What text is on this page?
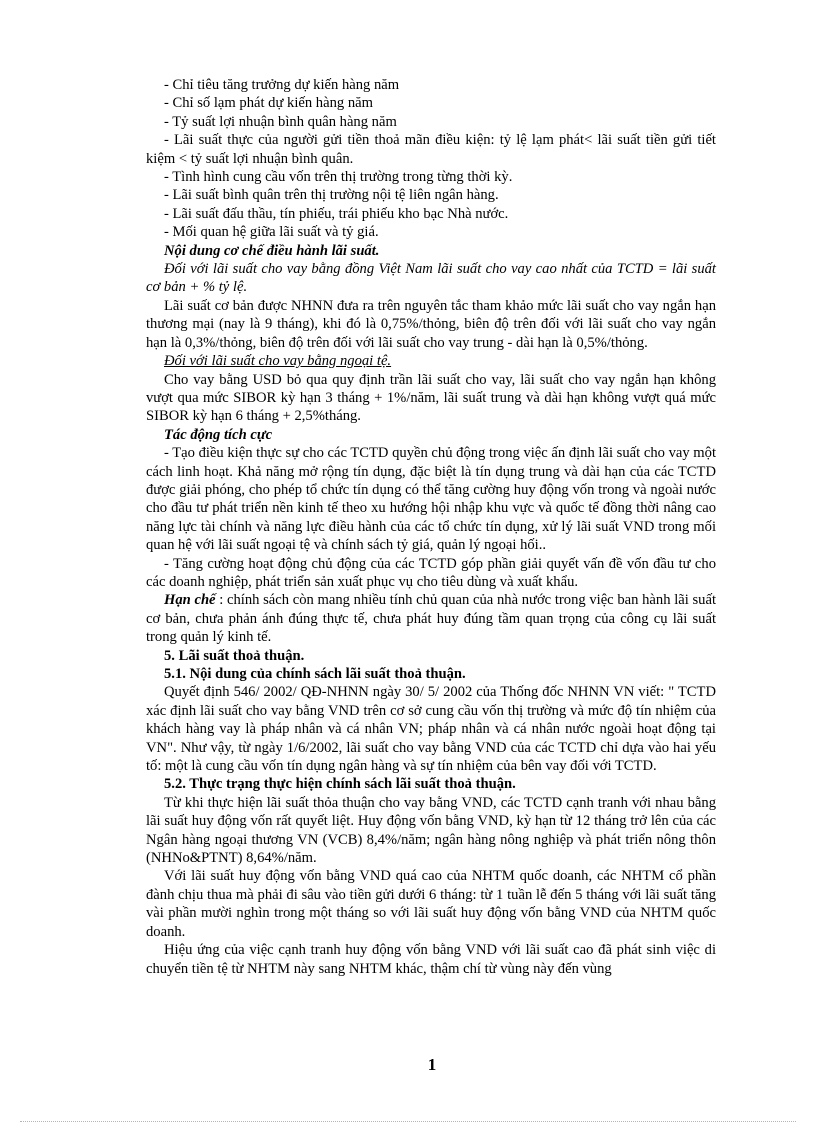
- Chỉ tiêu tăng trưởng dự kiến hàng năm

- Chỉ số lạm phát dự kiến hàng năm

- Tỷ suất lợi nhuận bình quân hàng năm

- Lãi suất thực của người gửi tiền thoả mãn điều kiện: tỷ lệ lạm phát< lãi suất tiền gửi tiết kiệm < tỷ suất lợi nhuận bình quân.

- Tình hình cung cầu vốn trên thị trường trong từng thời kỳ.

- Lãi suất bình quân trên thị trường nội tệ liên ngân hàng.

- Lãi suất đấu thầu, tín phiếu, trái phiếu kho bạc Nhà nước.

- Mối quan hệ giữa lãi suất và tỷ giá.

Nội dung cơ chế điều hành lãi suất.

Đối với lãi suất cho vay bằng đồng Việt Nam lãi suất cho vay cao nhất của TCTD = lãi suất cơ bản + % tỷ lệ.

Lãi suất cơ bản được NHNN đưa ra trên nguyên tắc tham khảo mức lãi suất cho vay ngắn hạn thương mại (nay là 9 tháng), khi đó là 0,75%/thỏng, biên độ trên đối với lãi suất cho vay ngắn hạn là 0,3%/thỏng, biên độ trên đối với lãi suất cho vay trung - dài hạn là 0,5%/thỏng.

Đối với lãi suất cho vay bằng ngoại tệ.

Cho vay bằng USD bỏ qua quy định trần lãi suất cho vay, lãi suất cho vay ngắn hạn không vượt qua mức SIBOR kỳ hạn 3 tháng + 1%/năm, lãi suất trung và dài hạn không vượt quá mức SIBOR kỳ hạn 6 tháng + 2,5%tháng.

Tác động tích cực

- Tạo điều kiện thực sự cho các TCTD quyền chủ động trong việc ấn định lãi suất cho vay một cách linh hoạt. Khả năng mở rộng tín dụng, đặc biệt là tín dụng trung và dài hạn của các TCTD được giải phóng, cho phép tổ chức tín dụng có thể tăng cường huy động vốn trong và ngoài nước cho đầu tư phát triển nền kinh tế theo xu hướng hội nhập khu vực và quốc tế đồng thời nâng cao năng lực tài chính và năng lực điều hành của các tổ chức tín dụng, xử lý lãi suất VND trong mối quan hệ với lãi suất ngoại tệ và chính sách tỷ giá, quản lý ngoại hối..

- Tăng cường hoạt động chủ động của các TCTD góp phần giải quyết vấn đề vốn đầu tư cho các doanh nghiệp, phát triển sản xuất phục vụ cho tiêu dùng và xuất khẩu.

Hạn chế : chính sách còn mang nhiều tính chủ quan của nhà nước trong việc ban hành lãi suất cơ bản, chưa phản ánh đúng thực tế, chưa phát huy đúng tầm quan trọng của công cụ lãi suất trong quản lý kinh tế.

5. Lãi suất thoả thuận.

5.1. Nội dung của chính sách lãi suất thoả thuận.

Quyết định 546/ 2002/ QĐ-NHNN ngày 30/ 5/ 2002 của Thống đốc NHNN VN viết: " TCTD xác định lãi suất cho vay bằng VND trên cơ sở cung cầu vốn thị trường và mức độ tín nhiệm của khách hàng vay là pháp nhân và cá nhân VN; pháp nhân và cá nhân nước ngoài hoạt động tại VN". Như vậy, từ ngày 1/6/2002, lãi suất cho vay bằng VND của các TCTD chỉ dựa vào hai yếu tố: một là cung cầu vốn tín dụng ngân hàng và sự tín nhiệm của bên vay đối với TCTD.

5.2. Thực trạng thực hiện chính sách lãi suất thoả thuận.

Từ khi thực hiện lãi suất thỏa thuận cho vay bằng VND, các TCTD cạnh tranh với nhau bằng lãi suất huy động vốn rất quyết liệt. Huy động vốn bằng VND, kỳ hạn từ 12 tháng trở lên của các Ngân hàng ngoại thương VN (VCB) 8,4%/năm; ngân hàng nông nghiệp và phát triển nông thôn (NHNo&PTNT) 8,64%/năm.

Với lãi suất huy động vốn bằng VND quá cao của NHTM quốc doanh, các NHTM cổ phần đành chịu thua mà phải đi sâu vào tiền gửi dưới 6 tháng: từ 1 tuần lễ đến 5 tháng với lãi suất tăng vài phần mười nghìn trong một tháng so với lãi suất huy động vốn bằng VND của NHTM quốc doanh.

Hiệu ứng của việc cạnh tranh huy động vốn bằng VND với lãi suất cao đã phát sinh việc di chuyển tiền tệ từ NHTM này sang NHTM khác, thậm chí từ vùng này đến vùng

1
